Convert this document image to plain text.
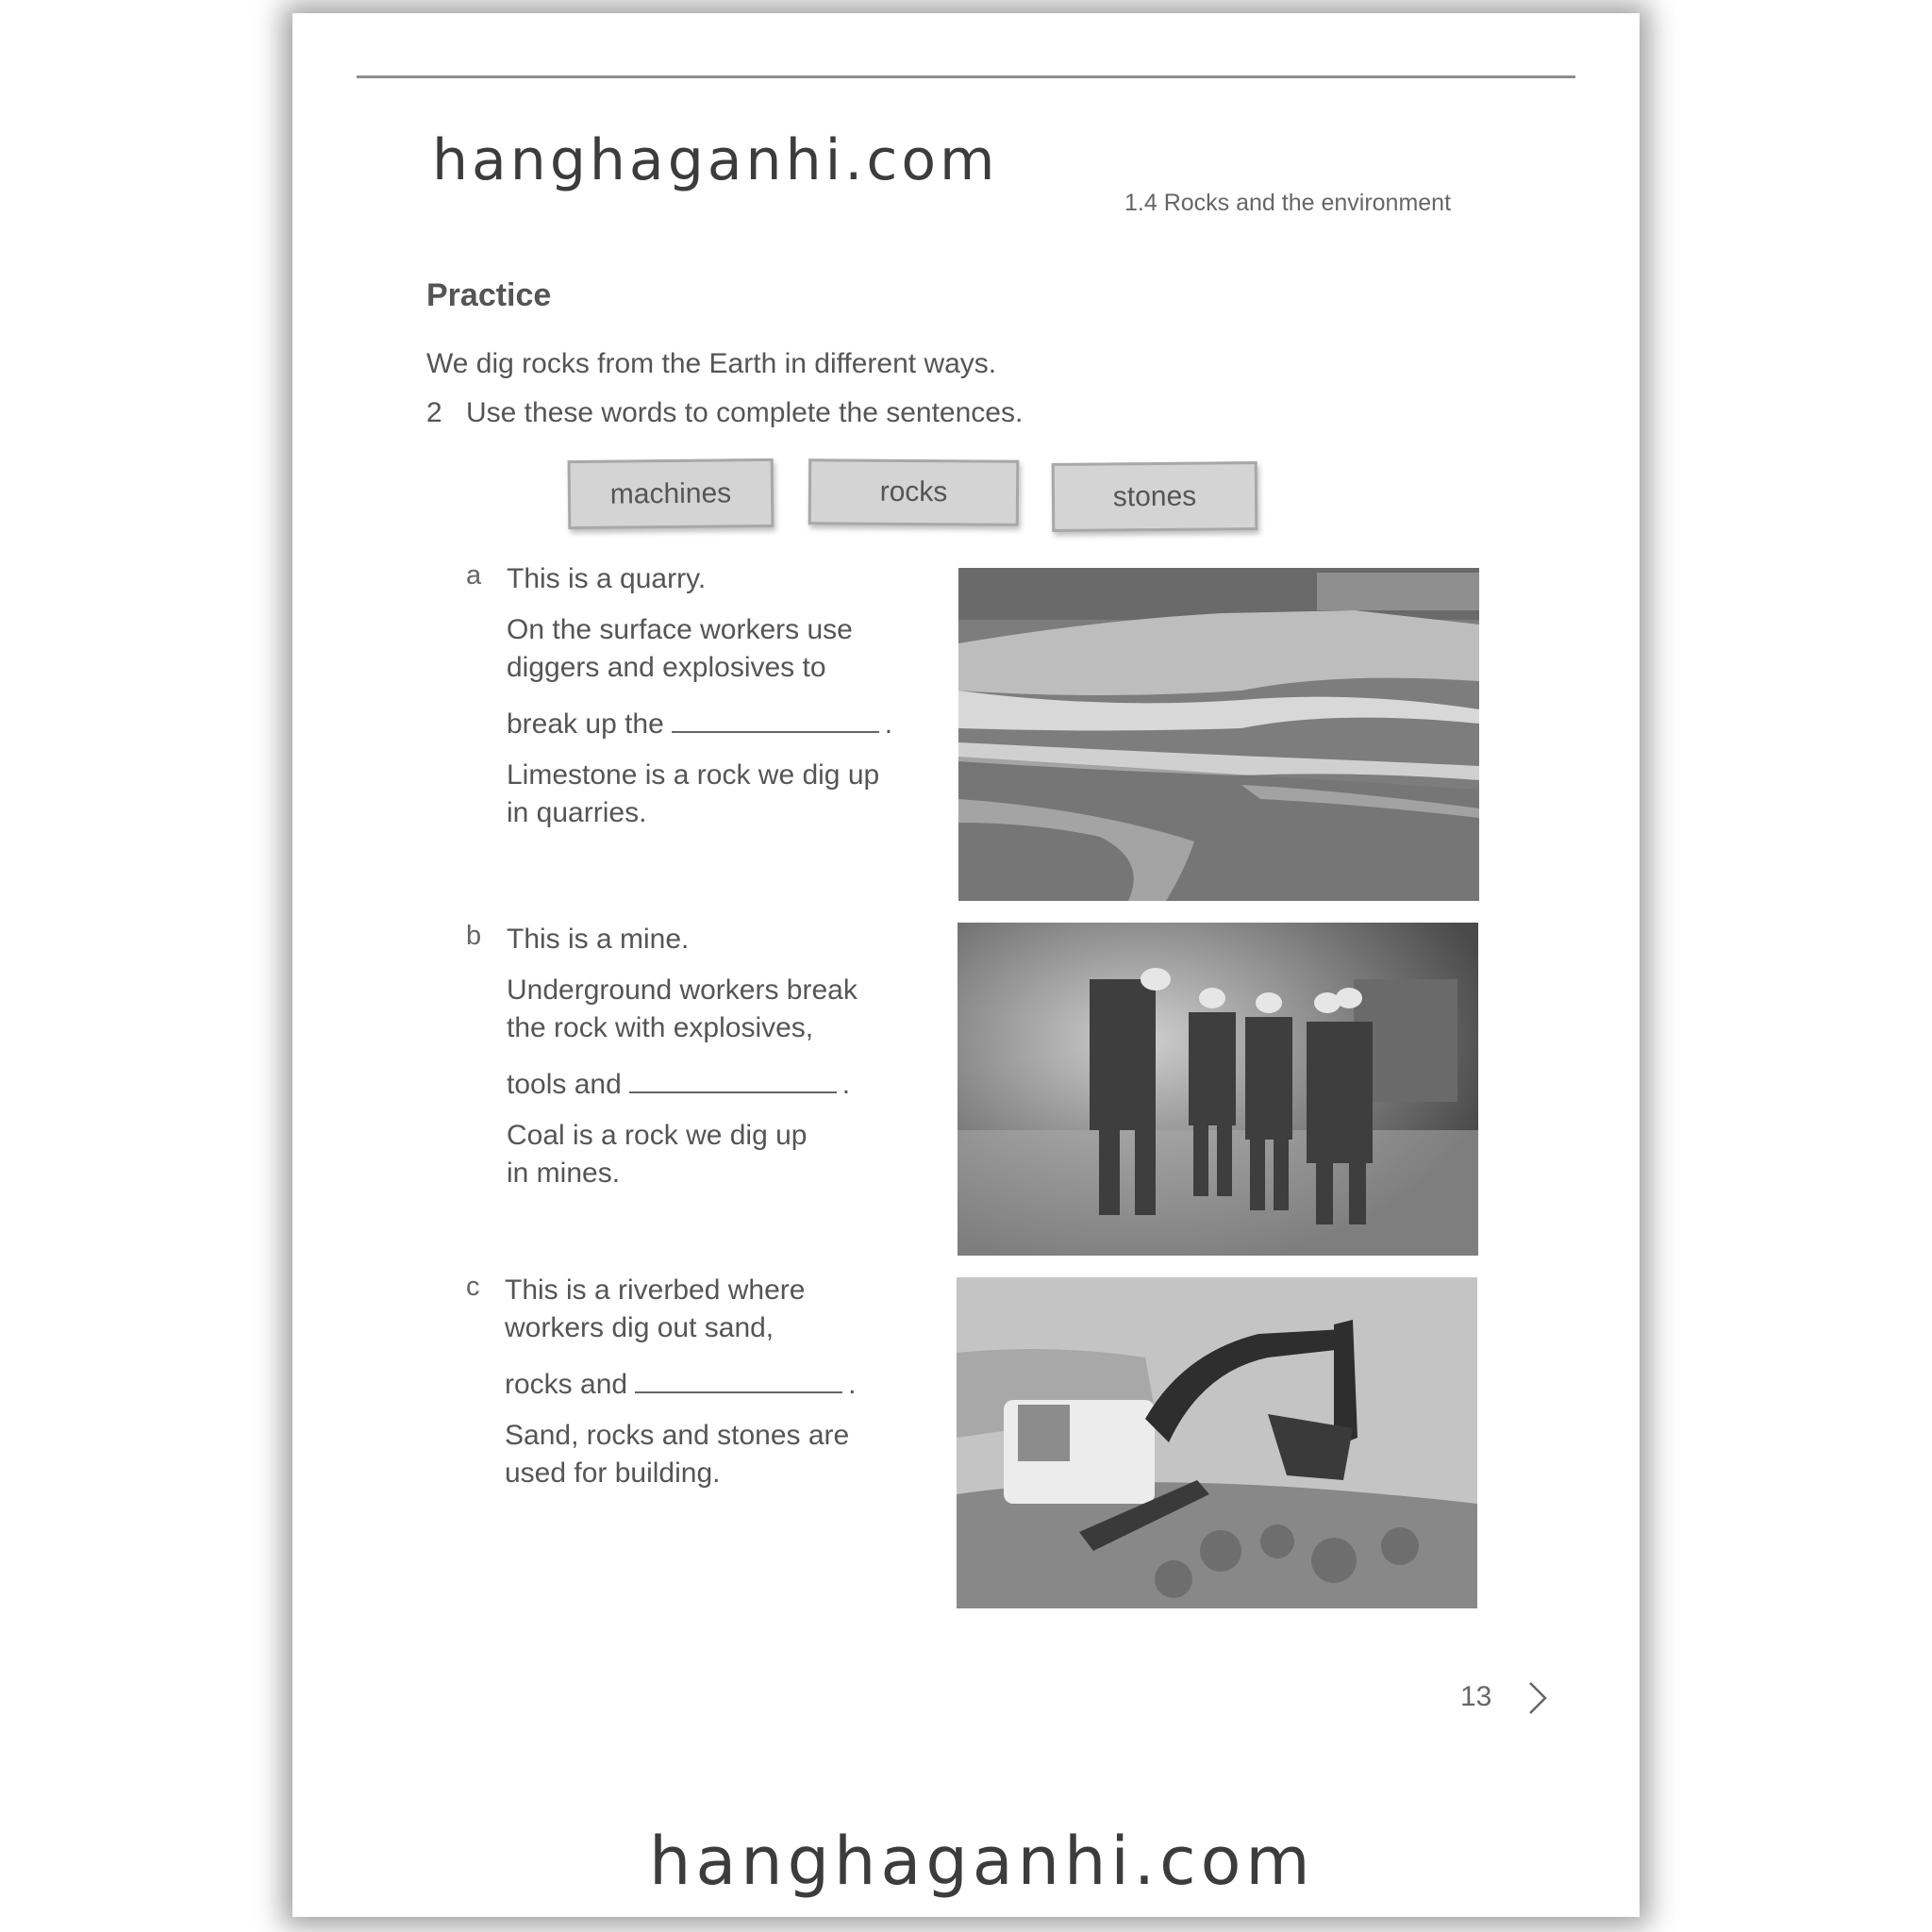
hanghaganhi.com
1.4 Rocks and the environment
Practice
We dig rocks from the Earth in different ways.
2 Use these words to complete the sentences.
machines	rocks	stones
a This is a quarry.

On the surface workers use

diggers and explosives to

break up the	.

Limestone is a rock we dig up

in quarries.

b This is a mine.

Underground workers break

the rock with explosives,

tools and	.

Coal is a rock we dig up

in mines.

c This is a riverbed where

workers dig out sand,

rocks and	.

Sand, rocks and stones are

used for building.

13
hanghaganhi.com
